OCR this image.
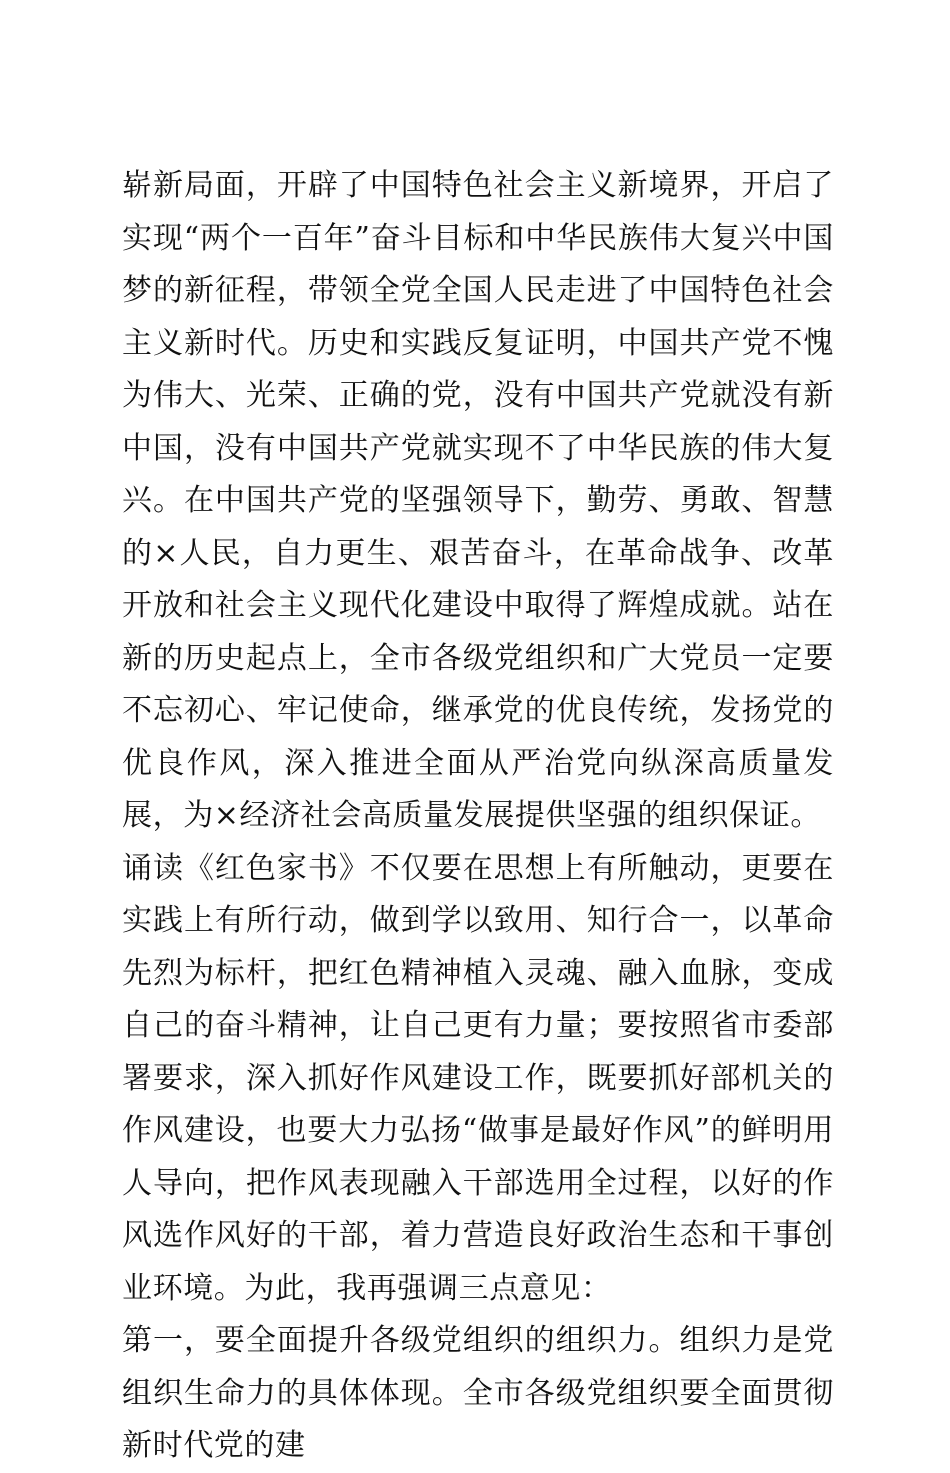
崭新局面，开辟了中国特色社会主义新境界，开启了实现“两个一百年”奋斗目标和中华民族伟大复兴中国梦的新征程，带领全党全国人民走进了中国特色社会主义新时代。历史和实践反复证明，中国共产党不愧为伟大、光荣、正确的党，没有中国共产党就没有新中国，没有中国共产党就实现不了中华民族的伟大复兴。在中国共产党的坚强领导下，勤劳、勇敢、智慧的×人民，自力更生、艰苦奋斗，在革命战争、改革开放和社会主义现代化建设中取得了辉煌成就。站在新的历史起点上，全市各级党组织和广大党员一定要不忘初心、牢记使命，继承党的优良传统，发扬党的优良作风，深入推进全面从严治党向纵深高质量发展，为×经济社会高质量发展提供坚强的组织保证。

诵读《红色家书》不仅要在思想上有所触动，更要在实践上有所行动，做到学以致用、知行合一，以革命先烈为标杆，把红色精神植入灵魂、融入血脉，变成自己的奋斗精神，让自己更有力量；要按照省市委部署要求，深入抓好作风建设工作，既要抓好部机关的作风建设，也要大力弘扬“做事是最好作风”的鲜明用人导向，把作风表现融入干部选用全过程，以好的作风选作风好的干部，着力营造良好政治生态和干事创业环境。为此，我再强调三点意见：

第一，要全面提升各级党组织的组织力。组织力是党组织生命力的具体体现。全市各级党组织要全面贯彻新时代党的建
